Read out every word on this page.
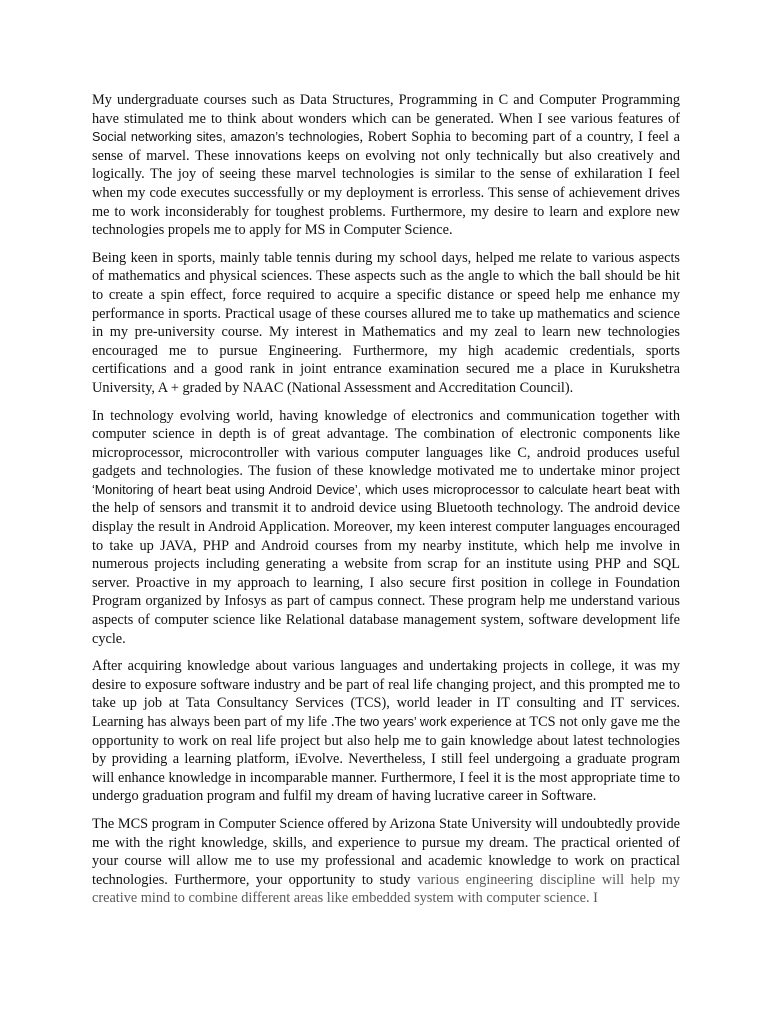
My undergraduate courses such as Data Structures, Programming in C and Computer Programming have stimulated me to think about wonders which can be generated. When I see various features of Social networking sites, amazon’s technologies, Robert Sophia to becoming part of a country, I feel a sense of marvel. These innovations keeps on evolving not only technically but also creatively and logically. The joy of seeing these marvel technologies is similar to the sense of exhilaration I feel when my code executes successfully or my deployment is errorless. This sense of achievement drives me to work inconsiderably for toughest problems. Furthermore, my desire to learn and explore new technologies propels me to apply for MS in Computer Science.

Being keen in sports, mainly table tennis during my school days, helped me relate to various aspects of mathematics and physical sciences. These aspects such as the angle to which the ball should be hit to create a spin effect, force required to acquire a specific distance or speed help me enhance my performance in sports. Practical usage of these courses allured me to take up mathematics and science in my pre-university course. My interest in Mathematics and my zeal to learn new technologies encouraged me to pursue Engineering. Furthermore, my high academic credentials, sports certifications and a good rank in joint entrance examination secured me a place in Kurukshetra University, A + graded by NAAC (National Assessment and Accreditation Council).

In technology evolving world, having knowledge of electronics and communication together with computer science in depth is of great advantage. The combination of electronic components like microprocessor, microcontroller with various computer languages like C, android produces useful gadgets and technologies. The fusion of these knowledge motivated me to undertake minor project ‘Monitoring of heart beat using Android Device’, which uses microprocessor to calculate heart beat with the help of sensors and transmit it to android device using Bluetooth technology. The android device display the result in Android Application. Moreover, my keen interest computer languages encouraged to take up JAVA, PHP and Android courses from my nearby institute, which help me involve in numerous projects including generating a website from scrap for an institute using PHP and SQL server. Proactive in my approach to learning, I also secure first position in college in Foundation Program organized by Infosys as part of campus connect. These program help me understand various aspects of computer science like Relational database management system, software development life cycle.

After acquiring knowledge about various languages and undertaking projects in college, it was my desire to exposure software industry and be part of real life changing project, and this prompted me to take up job at Tata Consultancy Services (TCS), world leader in IT consulting and IT services. Learning has always been part of my life .The two years’ work experience at TCS not only gave me the opportunity to work on real life project but also help me to gain knowledge about latest technologies by providing a learning platform, iEvolve. Nevertheless, I still feel undergoing a graduate program will enhance knowledge in incomparable manner. Furthermore, I feel it is the most appropriate time to undergo graduation program and fulfil my dream of having lucrative career in Software.

The MCS program in Computer Science offered by Arizona State University will undoubtedly provide me with the right knowledge, skills, and experience to pursue my dream. The practical oriented of your course will allow me to use my professional and academic knowledge to work on practical technologies. Furthermore, your opportunity to study various engineering discipline will help my creative mind to combine different areas like embedded system with computer science. I
